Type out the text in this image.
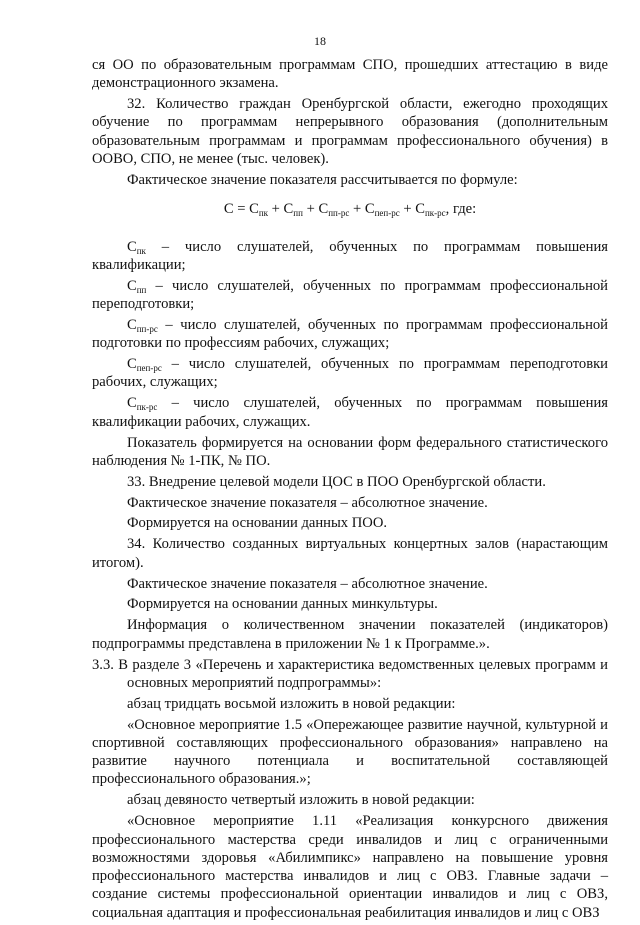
18

ся ОО по образовательным программам СПО, прошедших аттестацию в виде демонстрационного экзамена.

32. Количество граждан Оренбургской области, ежегодно проходящих обучение по программам непрерывного образования (дополнительным образовательным программам и программам профессионального обучения) в ООВО, СПО, не менее (тыс. человек).

Фактическое значение показателя рассчитывается по формуле:

$С = С_{пк} + С_{пп} + С_{пп-рс} + С_{пеп-рс} + С_{пк-рс}$, где:

$С_{пк}$ – число слушателей, обученных по программам повышения квалификации;

$С_{пп}$ – число слушателей, обученных по программам профессиональной переподготовки;

$С_{пп-рс}$ – число слушателей, обученных по программам профессиональной подготовки по профессиям рабочих, служащих;

$С_{пеп-рс}$ – число слушателей, обученных по программам переподготовки рабочих, служащих;

$С_{пк-рс}$ – число слушателей, обученных по программам повышения квалификации рабочих, служащих.

Показатель формируется на основании форм федерального статистического наблюдения № 1-ПК, № ПО.

33. Внедрение целевой модели ЦОС в ПОО Оренбургской области.

Фактическое значение показателя – абсолютное значение.

Формируется на основании данных ПОО.

34. Количество созданных виртуальных концертных залов (нарастающим итогом).

Фактическое значение показателя – абсолютное значение.

Формируется на основании данных минкультуры.

Информация о количественном значении показателей (индикаторов) подпрограммы представлена в приложении № 1 к Программе.».

3.3. В разделе 3 «Перечень и характеристика ведомственных целевых программ и основных мероприятий подпрограммы»:

абзац тридцать восьмой изложить в новой редакции:

«Основное мероприятие 1.5 «Опережающее развитие научной, культурной и спортивной составляющих профессионального образования» направлено на развитие научного потенциала и воспитательной составляющей профессионального образования.»;

абзац девяносто четвертый изложить в новой редакции:

«Основное мероприятие 1.11 «Реализация конкурсного движения профессионального мастерства среди инвалидов и лиц с ограниченными возможностями здоровья «Абилимпикс» направлено на повышение уровня профессионального мастерства инвалидов и лиц с ОВЗ. Главные задачи – создание системы профессиональной ориентации инвалидов и лиц с ОВЗ, социальная адаптация и профессиональная реабилитация инвалидов и лиц с ОВЗ
